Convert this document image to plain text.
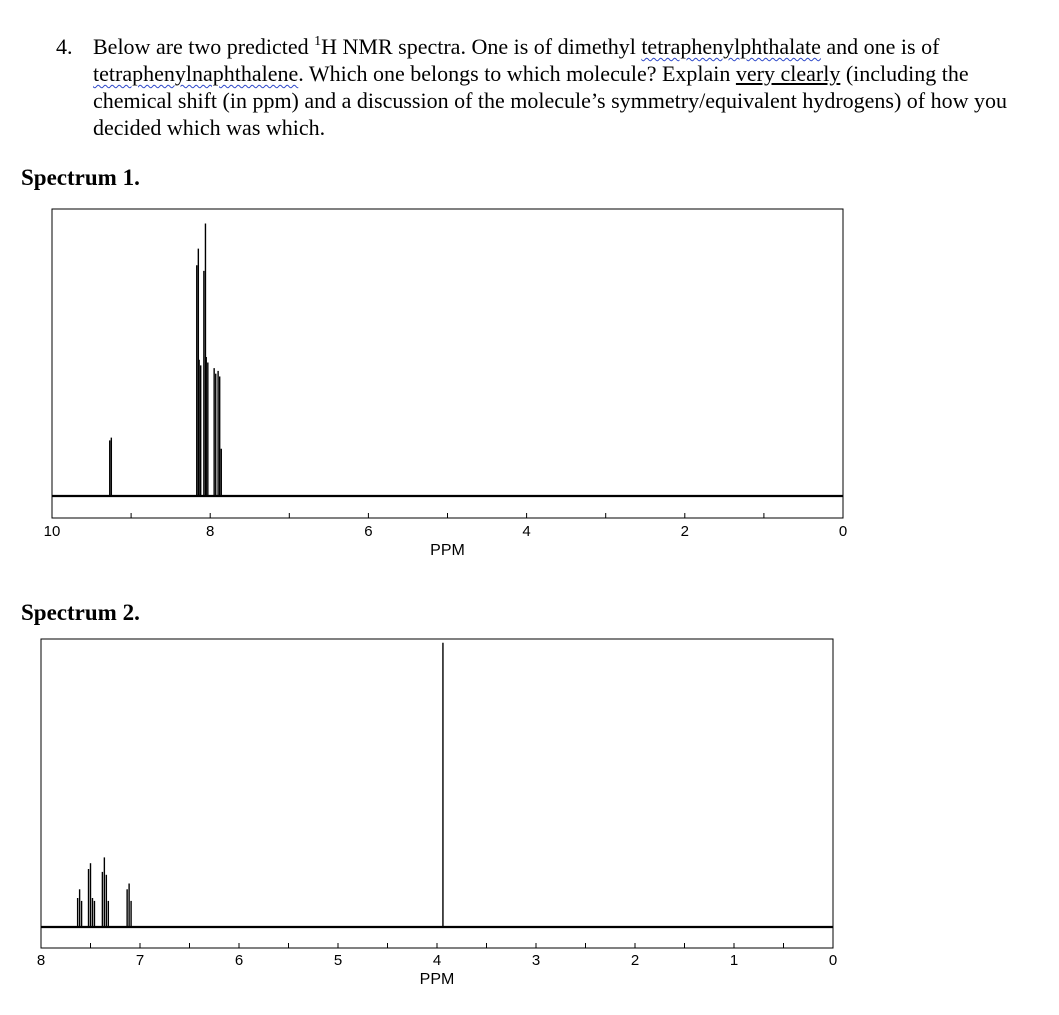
4. Below are two predicted $^1$H NMR spectra. One is of dimethyl tetraphenylphthalate and one is of tetraphenylnaphthalene. Which one belongs to which molecule? Explain very clearly (including the chemical shift (in ppm) and a discussion of the molecule’s symmetry/equivalent hydrogens) of how you decided which was which.
Spectrum 1.
Spectrum 2.
10	8	6	4	2	0
PPM
8	7	6	5	4	3	2	1	0
PPM
